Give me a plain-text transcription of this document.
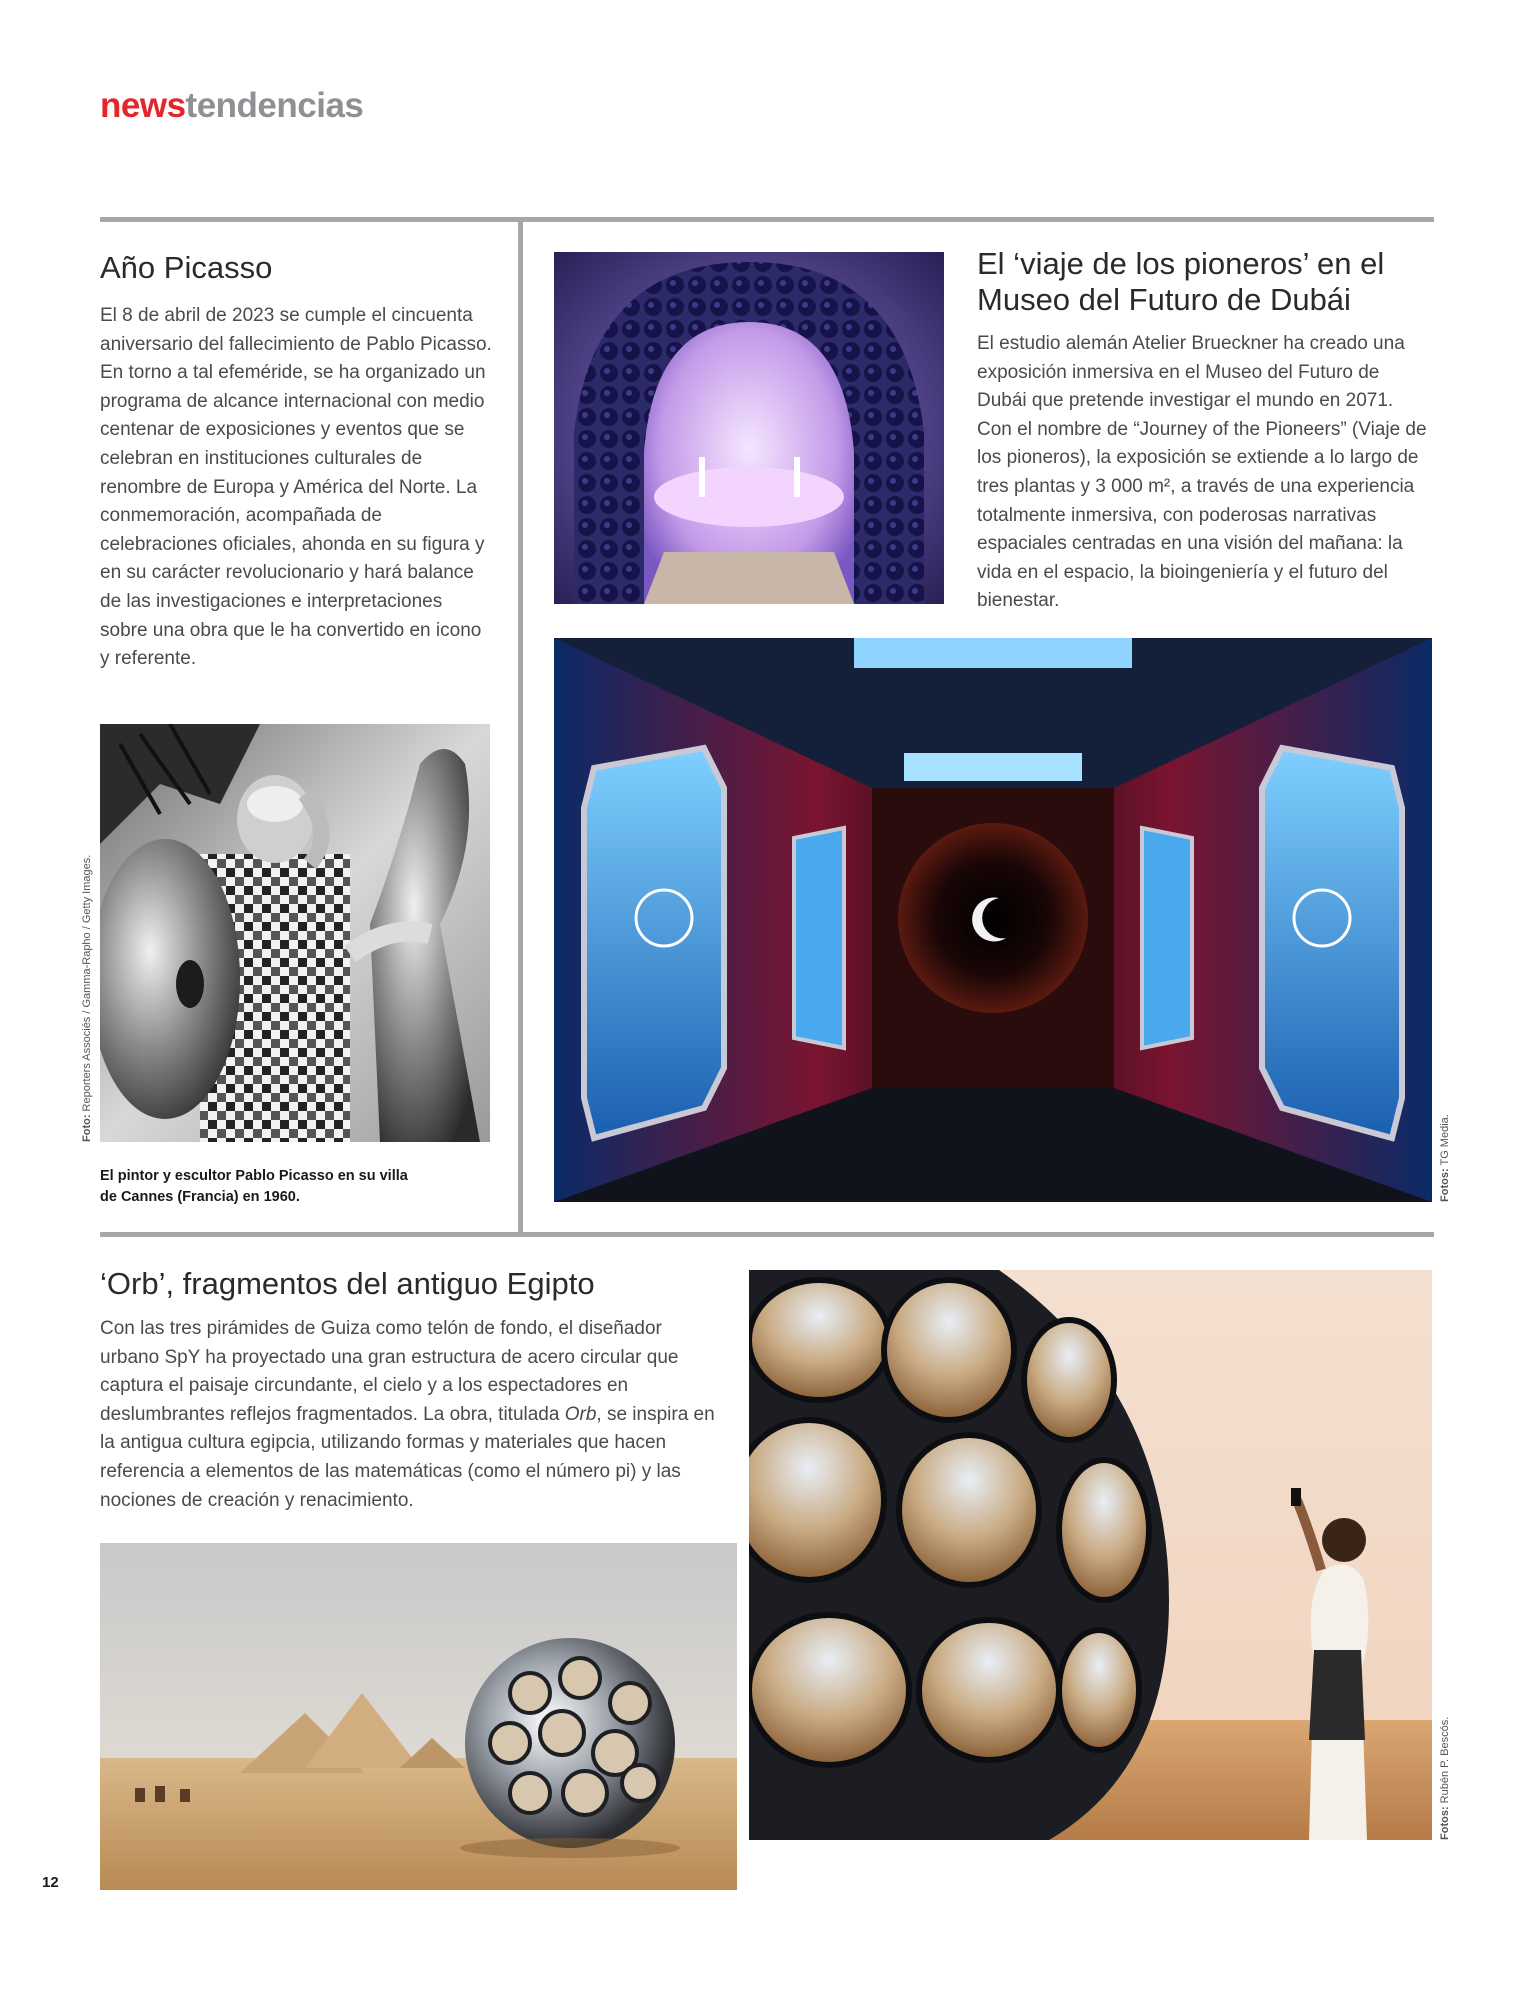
newstendencias
Año Picasso

El 8 de abril de 2023 se cumple el cincuenta aniversario del fallecimiento de Pablo Picasso. En torno a tal efeméride, se ha organizado un programa de alcance internacional con medio centenar de exposiciones y eventos que se celebran en instituciones culturales de renombre de Europa y América del Norte. La conmemoración, acompañada de celebraciones oficiales, ahonda en su figura y en su carácter revolucionario y hará balance de las investigaciones e interpretaciones sobre una obra que le ha convertido en icono y referente.

Foto: Reporters Associés / Gamma-Rapho / Getty Images.

El pintor y escultor Pablo Picasso en su villa de Cannes (Francia) en 1960.

El ‘viaje de los pioneros’ en el Museo del Futuro de Dubái

El estudio alemán Atelier Brueckner ha creado una exposición inmersiva en el Museo del Futuro de Dubái que pretende investigar el mundo en 2071. Con el nombre de “Journey of the Pioneers” (Viaje de los pioneros), la exposición se extiende a lo largo de tres plantas y 3 000 m², a través de una experiencia totalmente inmersiva, con poderosas narrativas espaciales centradas en una visión del mañana: la vida en el espacio, la bioingeniería y el futuro del bienestar.

Fotos: TG Media.
‘Orb’, fragmentos del antiguo Egipto

Con las tres pirámides de Guiza como telón de fondo, el diseñador urbano SpY ha proyectado una gran estructura de acero circular que captura el paisaje circundante, el cielo y a los espectadores en deslumbrantes reflejos fragmentados. La obra, titulada Orb, se inspira en la antigua cultura egipcia, utilizando formas y materiales que hacen referencia a elementos de las matemáticas (como el número pi) y las nociones de creación y renacimiento.

Fotos: Rubén P. Bescós.
12
